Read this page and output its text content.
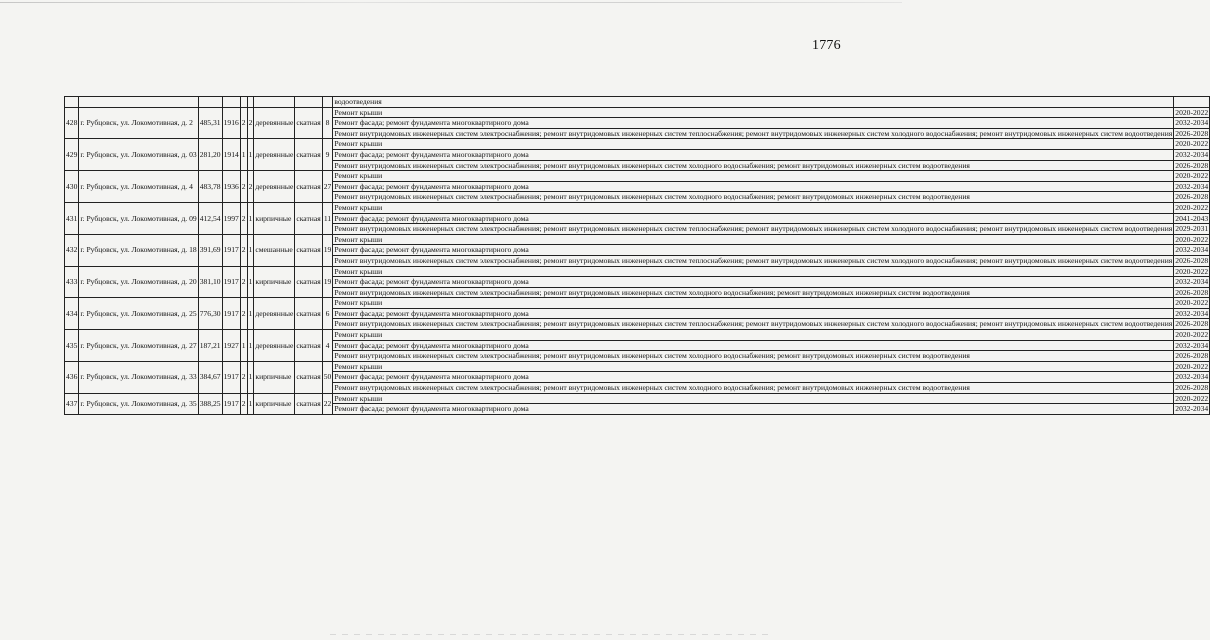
1776
									водоотведения	
428	г. Рубцовск, ул. Локомотивная, д. 2	485,31	1916	2	2	деревянные	скатная	8	Ремонт крыши	2020-2022
									Ремонт фасада; ремонт фундамента многоквартирного дома	2032-2034
									Ремонт внутридомовых инженерных систем электроснабжения; ремонт внутридомовых инженерных систем теплоснабжения; ремонт внутридомовых инженерных систем холодного водоснабжения; ремонт внутридомовых инженерных систем водоотведения	2026-2028
429	г. Рубцовск, ул. Локомотивная, д. 03	281,20	1914	1	1	деревянные	скатная	9	Ремонт крыши	2020-2022
									Ремонт фасада; ремонт фундамента многоквартирного дома	2032-2034
									Ремонт внутридомовых инженерных систем электроснабжения; ремонт внутридомовых инженерных систем холодного водоснабжения; ремонт внутридомовых инженерных систем водоотведения	2026-2028
430	г. Рубцовск, ул. Локомотивная, д. 4	483,78	1936	2	2	деревянные	скатная	27	Ремонт крыши	2020-2022
									Ремонт фасада; ремонт фундамента многоквартирного дома	2032-2034
									Ремонт внутридомовых инженерных систем электроснабжения; ремонт внутридомовых инженерных систем холодного водоснабжения; ремонт внутридомовых инженерных систем водоотведения	2026-2028
431	г. Рубцовск, ул. Локомотивная, д. 09	412,54	1997	2	1	кирпичные	скатная	11	Ремонт крыши	2020-2022
									Ремонт фасада; ремонт фундамента многоквартирного дома	2041-2043
									Ремонт внутридомовых инженерных систем электроснабжения; ремонт внутридомовых инженерных систем теплоснабжения; ремонт внутридомовых инженерных систем холодного водоснабжения; ремонт внутридомовых инженерных систем водоотведения	2029-2031
432	г. Рубцовск, ул. Локомотивная, д. 18	391,69	1917	2	1	смешанные	скатная	19	Ремонт крыши	2020-2022
									Ремонт фасада; ремонт фундамента многоквартирного дома	2032-2034
									Ремонт внутридомовых инженерных систем электроснабжения; ремонт внутридомовых инженерных систем теплоснабжения; ремонт внутридомовых инженерных систем холодного водоснабжения; ремонт внутридомовых инженерных систем водоотведения	2026-2028
433	г. Рубцовск, ул. Локомотивная, д. 20	381,10	1917	2	1	кирпичные	скатная	19	Ремонт крыши	2020-2022
									Ремонт фасада; ремонт фундамента многоквартирного дома	2032-2034
									Ремонт внутридомовых инженерных систем электроснабжения; ремонт внутридомовых инженерных систем холодного водоснабжения; ремонт внутридомовых инженерных систем водоотведения	2026-2028
434	г. Рубцовск, ул. Локомотивная, д. 25	776,30	1917	2	1	деревянные	скатная	6	Ремонт крыши	2020-2022
									Ремонт фасада; ремонт фундамента многоквартирного дома	2032-2034
									Ремонт внутридомовых инженерных систем электроснабжения; ремонт внутридомовых инженерных систем теплоснабжения; ремонт внутридомовых инженерных систем холодного водоснабжения; ремонт внутридомовых инженерных систем водоотведения	2026-2028
435	г. Рубцовск, ул. Локомотивная, д. 27	187,21	1927	1	1	деревянные	скатная	4	Ремонт крыши	2020-2022
									Ремонт фасада; ремонт фундамента многоквартирного дома	2032-2034
									Ремонт внутридомовых инженерных систем электроснабжения; ремонт внутридомовых инженерных систем холодного водоснабжения; ремонт внутридомовых инженерных систем водоотведения	2026-2028
436	г. Рубцовск, ул. Локомотивная, д. 33	384,67	1917	2	1	кирпичные	скатная	50	Ремонт крыши	2020-2022
									Ремонт фасада; ремонт фундамента многоквартирного дома	2032-2034
									Ремонт внутридомовых инженерных систем электроснабжения; ремонт внутридомовых инженерных систем холодного водоснабжения; ремонт внутридомовых инженерных систем водоотведения	2026-2028
437	г. Рубцовск, ул. Локомотивная, д. 35	388,25	1917	2	1	кирпичные	скатная	22	Ремонт крыши	2020-2022
									Ремонт фасада; ремонт фундамента многоквартирного дома	2032-2034
